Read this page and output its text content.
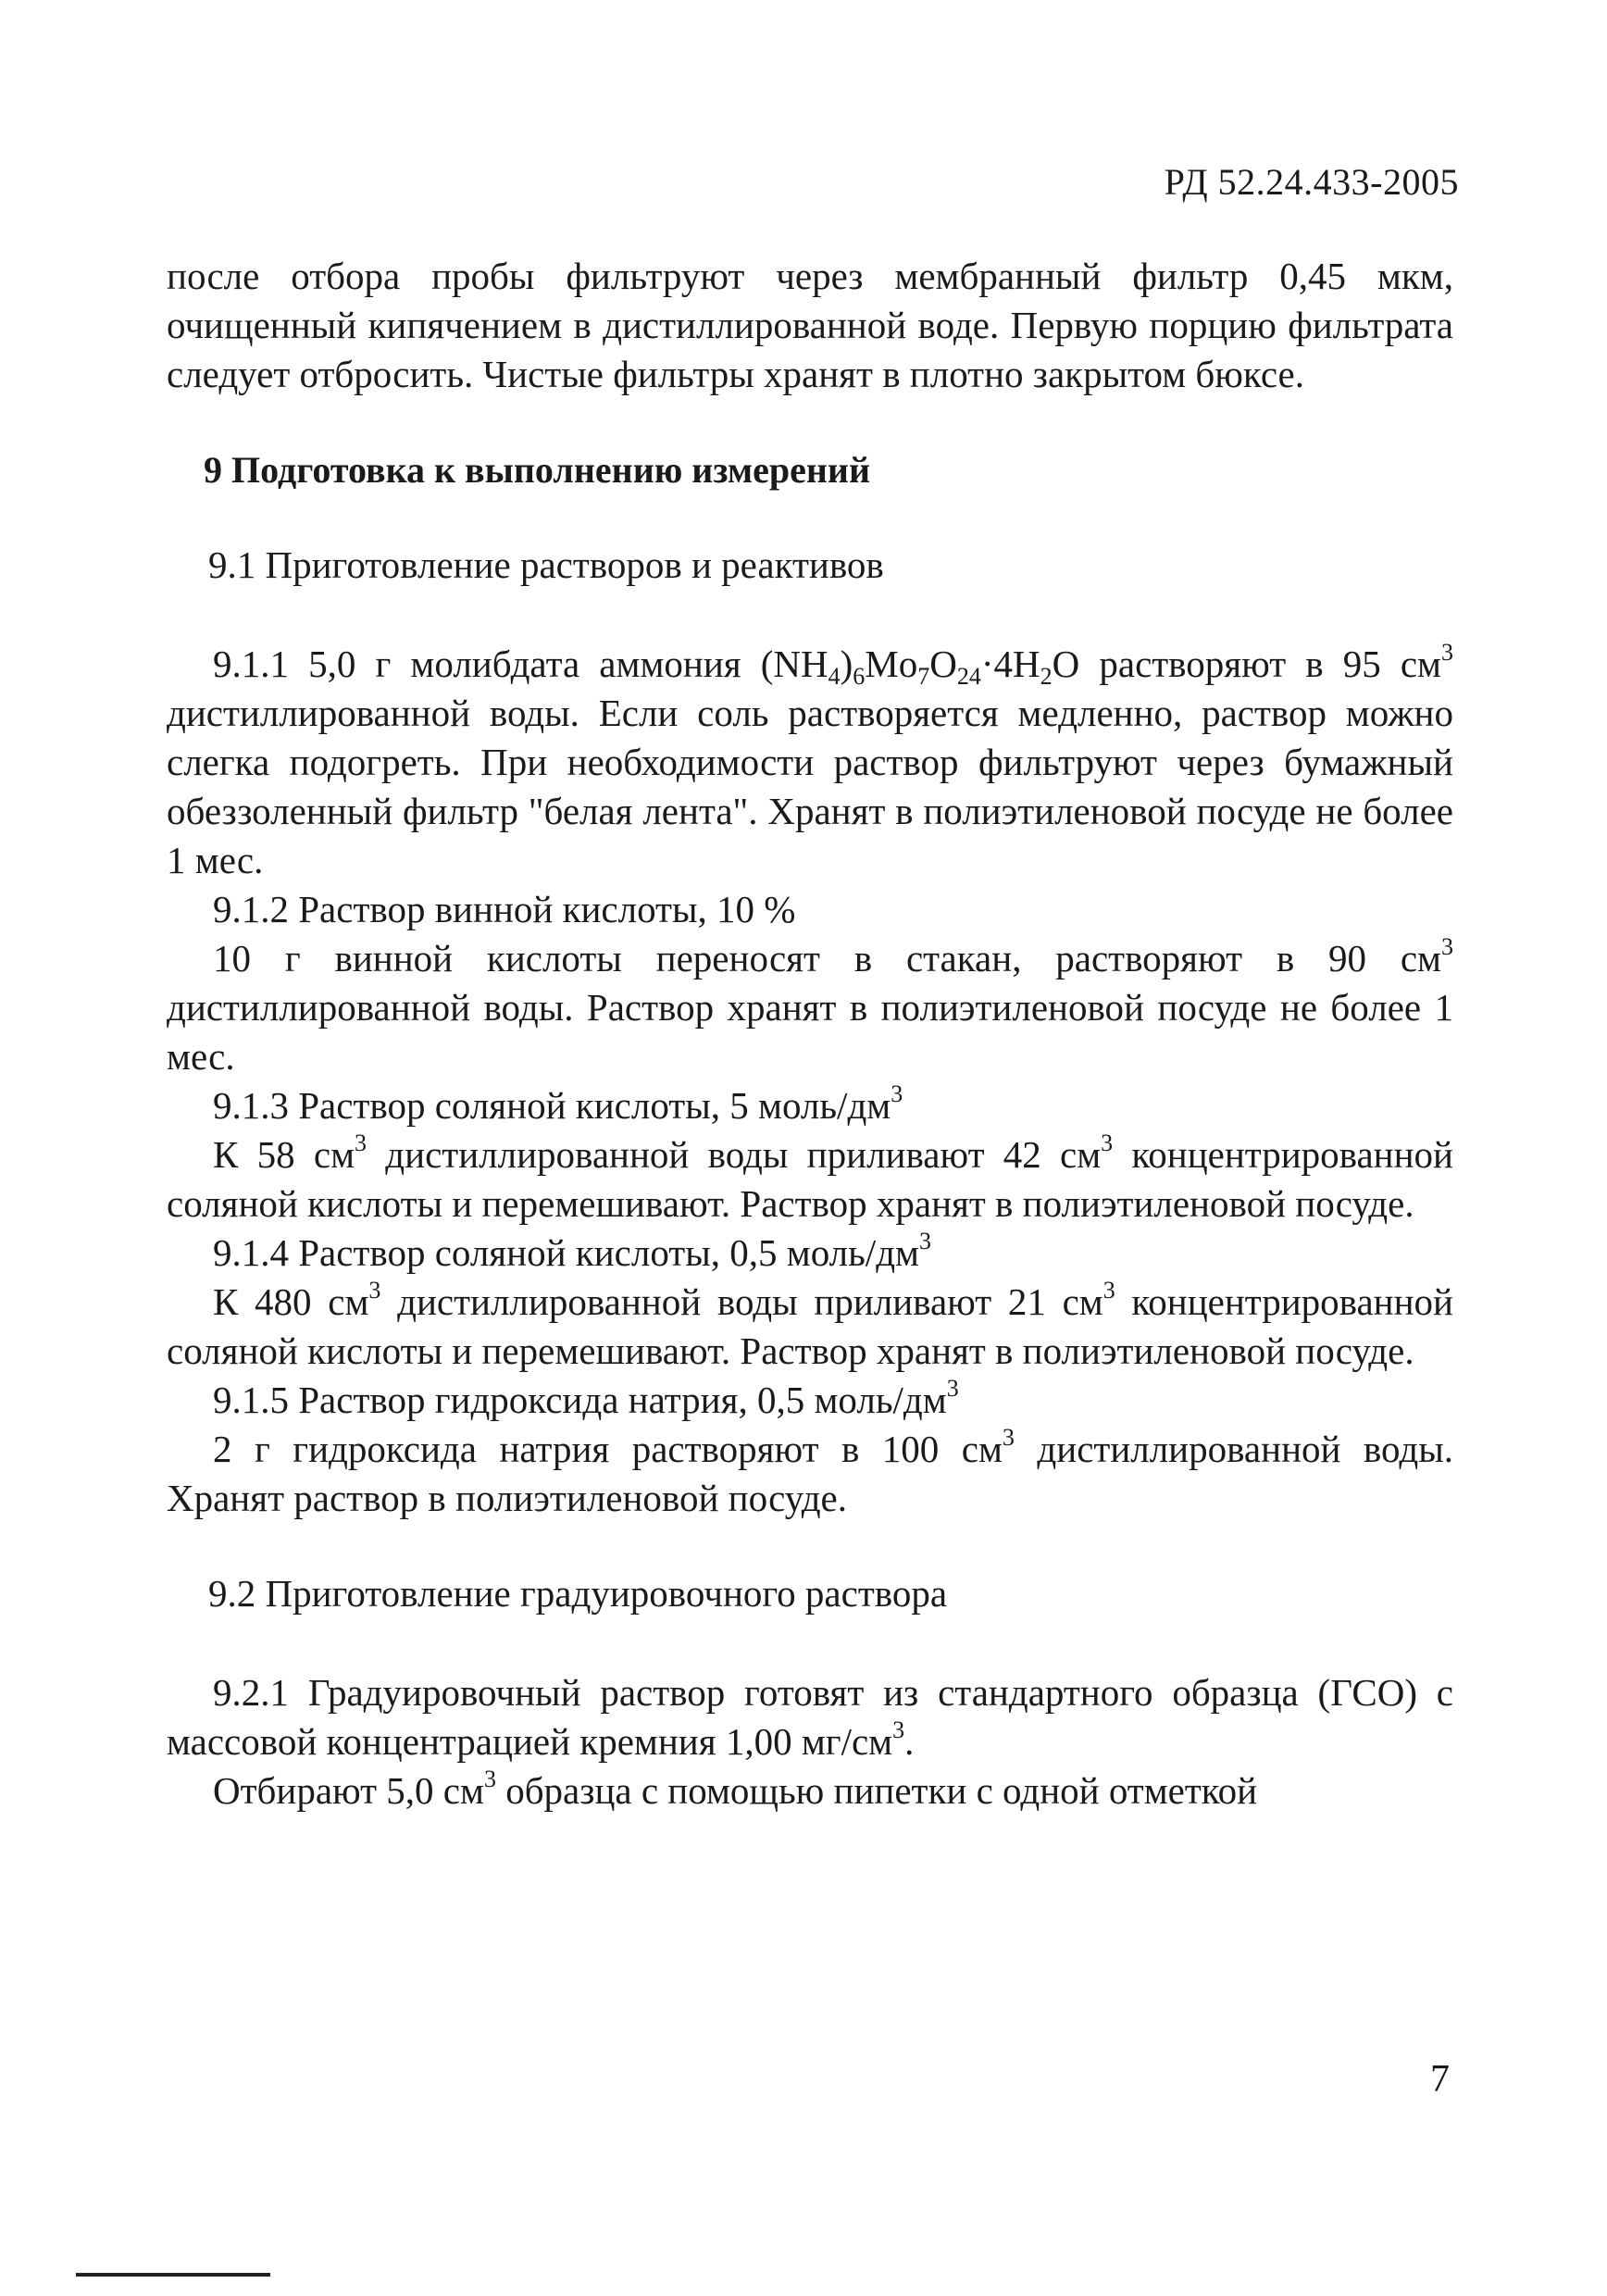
РД 52.24.433-2005

после отбора пробы фильтруют через мембранный фильтр 0,45 мкм, очищенный кипячением в дистиллированной воде. Первую порцию фильтрата следует отбросить. Чистые фильтры хранят в плотно закрытом бюксе.

9 Подготовка к выполнению измерений

9.1 Приготовление растворов и реактивов

9.1.1 5,0 г молибдата аммония $(NH_4)_6Mo_7O_{24}\cdot 4H_2O$ растворяют в 95 $см^3$ дистиллированной воды. Если соль растворяется медленно, раствор можно слегка подогреть. При необходимости раствор фильтруют через бумажный обеззоленный фильтр "белая лента". Хранят в полиэтиленовой посуде не более 1 мес.

9.1.2 Раствор винной кислоты, 10 %

10 г винной кислоты переносят в стакан, растворяют в 90 $см^3$ дистиллированной воды. Раствор хранят в полиэтиленовой посуде не более 1 мес.

9.1.3 Раствор соляной кислоты, 5 моль/$дм^3$

К 58 $см^3$ дистиллированной воды приливают 42 $см^3$ концентрированной соляной кислоты и перемешивают. Раствор хранят в полиэтиленовой посуде.

9.1.4 Раствор соляной кислоты, 0,5 моль/$дм^3$

К 480 $см^3$ дистиллированной воды приливают 21 $см^3$ концентрированной соляной кислоты и перемешивают. Раствор хранят в полиэтиленовой посуде.

9.1.5 Раствор гидроксида натрия, 0,5 моль/$дм^3$

2 г гидроксида натрия растворяют в 100 $см^3$ дистиллированной воды. Хранят раствор в полиэтиленовой посуде.

9.2 Приготовление градуировочного раствора

9.2.1 Градуировочный раствор готовят из стандартного образца (ГСО) с массовой концентрацией кремния 1,00 $мг/см^3$.

Отбирают 5,0 $см^3$ образца с помощью пипетки с одной отметкой

7
